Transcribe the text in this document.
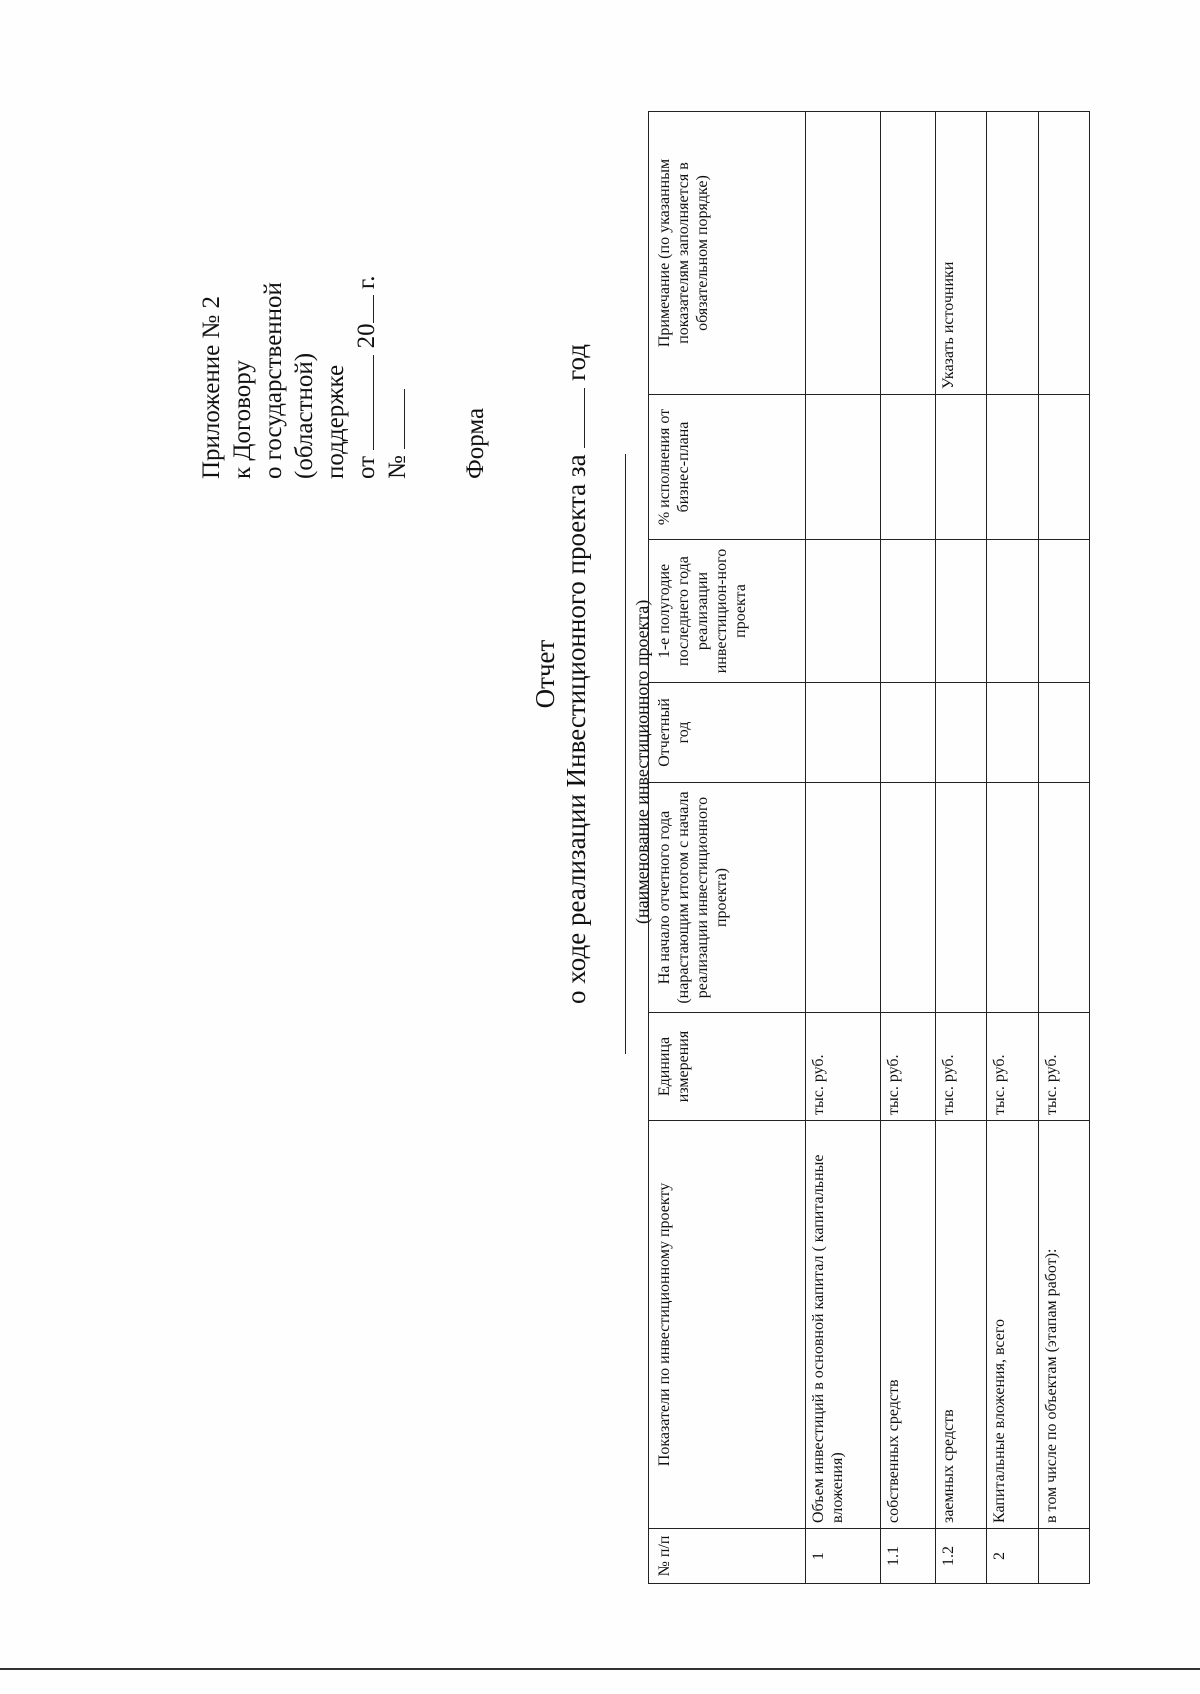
Приложение № 2 к Договору о государственной (областной) поддержке от  20 г.
№ Форма
Отчет о ходе реализации Инвестиционного проекта за  год
(наименование инвестиционного проекта)
№ п/п	Показатели по инвестиционному проекту	Единица измерения	На начало отчетного года (нарастающим итогом с начала реализации инвестиционного проекта)	Отчетный год	1-е полугодие последнего года реализации инвестицион-ного проекта	% исполнения от бизнес-плана	Примечание (по указанным показателям заполняется в обязательном порядке)
1	Объем инвестиций в основной капитал ( капитальные вложения)	тыс. руб.					
1.1	собственных средств	тыс. руб.					
1.2	заемных средств	тыс. руб.					Указать источники
2	Капитальные вложения, всего	тыс. руб.					
	в том числе по объектам (этапам работ):	тыс. руб.					
